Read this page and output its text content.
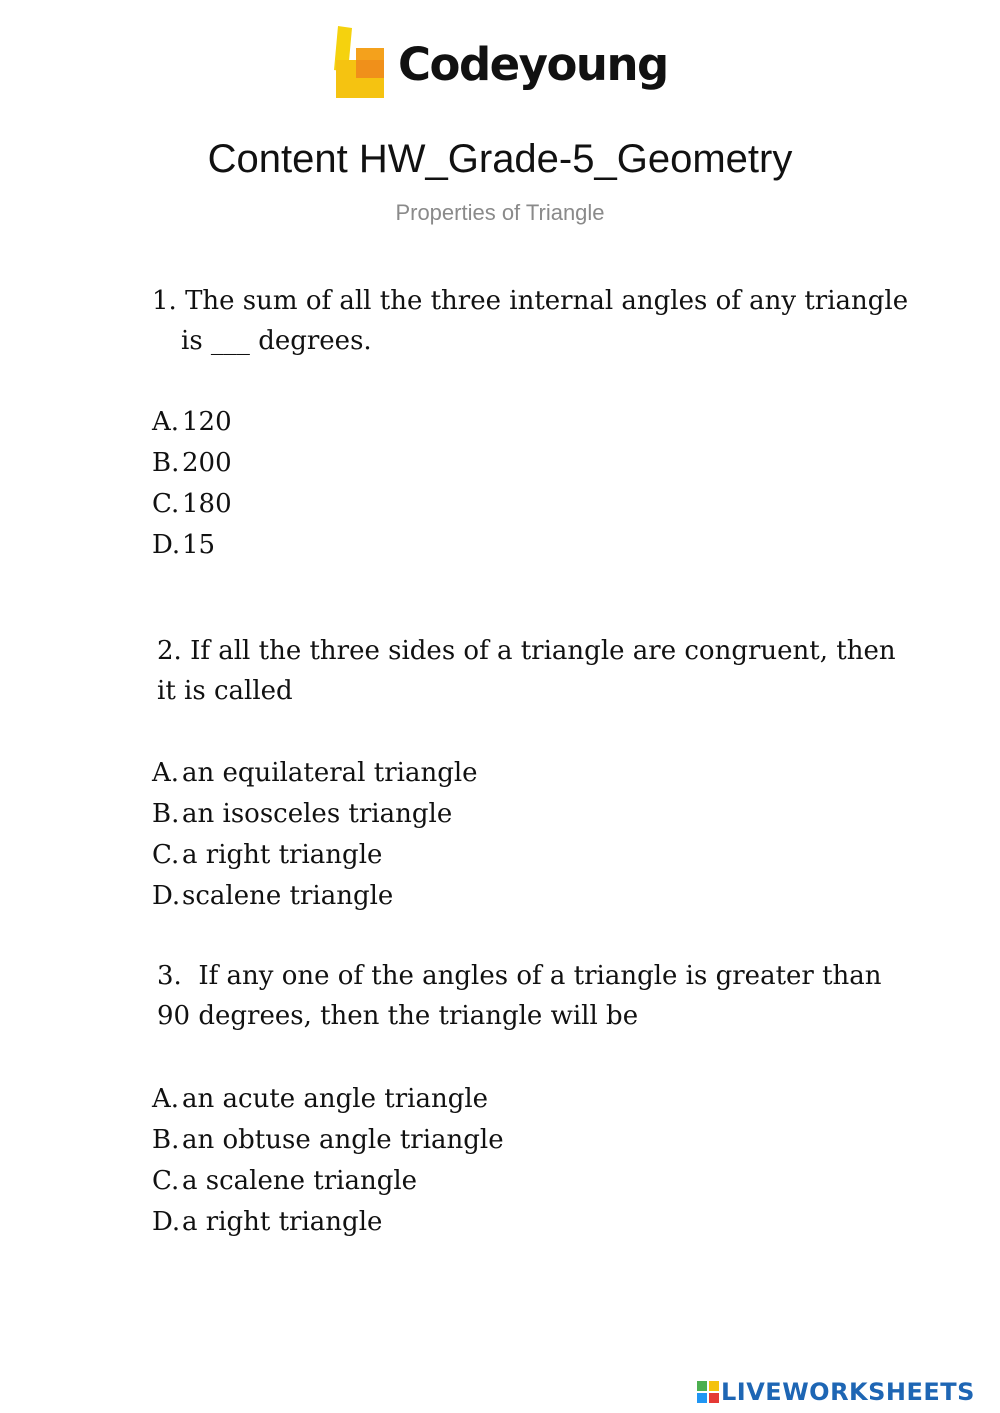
Codeyoung
Content HW_Grade-5_Geometry
Properties of Triangle
1. The sum of all the three internal angles of any triangle
is ___ degrees.
A. 120
B. 200
C. 180
D.15
2. If all the three sides of a triangle are congruent, then
it is called
A. an equilateral triangle
B. an isosceles triangle
C. a right triangle
D.scalene triangle
3.  If any one of the angles of a triangle is greater than
90 degrees, then the triangle will be
A. an acute angle triangle
B. an obtuse angle triangle
C. a scalene triangle
D.a right triangle
LIVEWORKSHEETS
